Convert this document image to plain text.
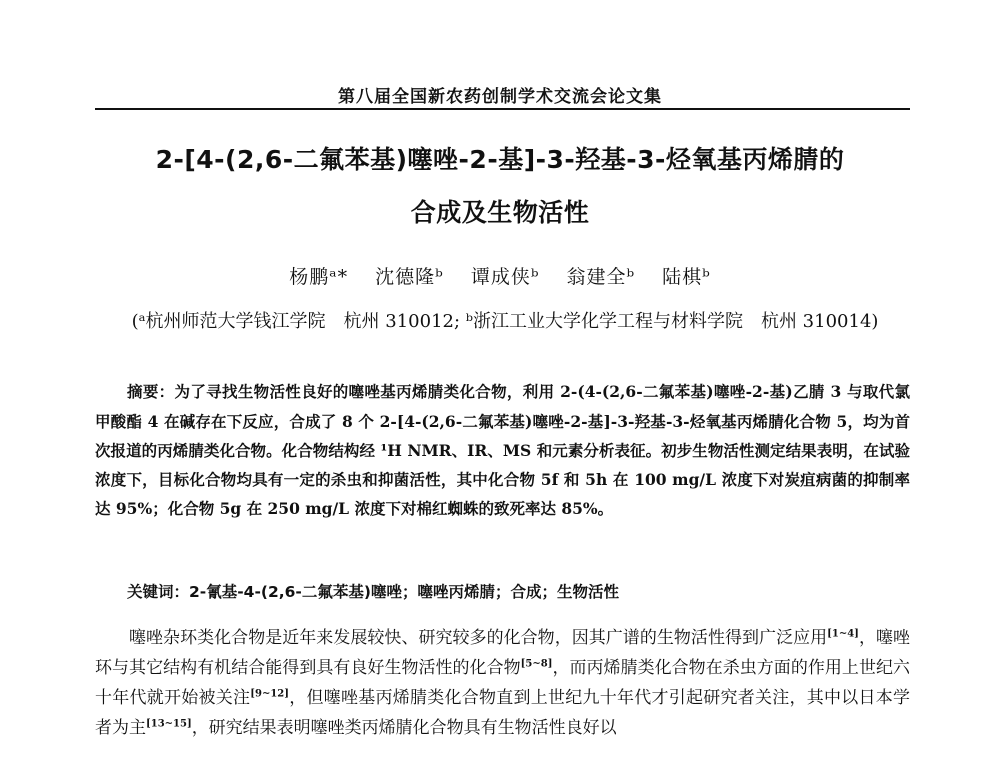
第八届全国新农药创制学术交流会论文集
2-[4-(2,6-二氟苯基)噻唑-2-基]-3-羟基-3-烃氧基丙烯腈的
合成及生物活性
杨鹏ᵃ* 沈德隆ᵇ 谭成侠ᵇ 翁建全ᵇ 陆棋ᵇ
(ᵃ杭州师范大学钱江学院　杭州 310012; ᵇ浙江工业大学化学工程与材料学院　杭州 310014)
摘要：为了寻找生物活性良好的噻唑基丙烯腈类化合物，利用 2-(4-(2,6-二氟苯基)噻唑-2-基)乙腈 3 与取代氯甲酸酯 4 在碱存在下反应，合成了 8 个 2-[4-(2,6-二氟苯基)噻唑-2-基]-3-羟基-3-烃氧基丙烯腈化合物 5，均为首次报道的丙烯腈类化合物。化合物结构经 ¹H NMR、IR、MS 和元素分析表征。初步生物活性测定结果表明，在试验浓度下，目标化合物均具有一定的杀虫和抑菌活性，其中化合物 5f 和 5h 在 100 mg/L 浓度下对炭疽病菌的抑制率达 95%；化合物 5g 在 250 mg/L 浓度下对棉红蜘蛛的致死率达 85%。
关键词：2-氰基-4-(2,6-二氟苯基)噻唑；噻唑丙烯腈；合成；生物活性
噻唑杂环类化合物是近年来发展较快、研究较多的化合物，因其广谱的生物活性得到广泛应用[1~4]，噻唑环与其它结构有机结合能得到具有良好生物活性的化合物[5~8]，而丙烯腈类化合物在杀虫方面的作用上世纪六十年代就开始被关注[9~12]，但噻唑基丙烯腈类化合物直到上世纪九十年代才引起研究者关注，其中以日本学者为主[13~15]，研究结果表明噻唑类丙烯腈化合物具有生物活性良好以
